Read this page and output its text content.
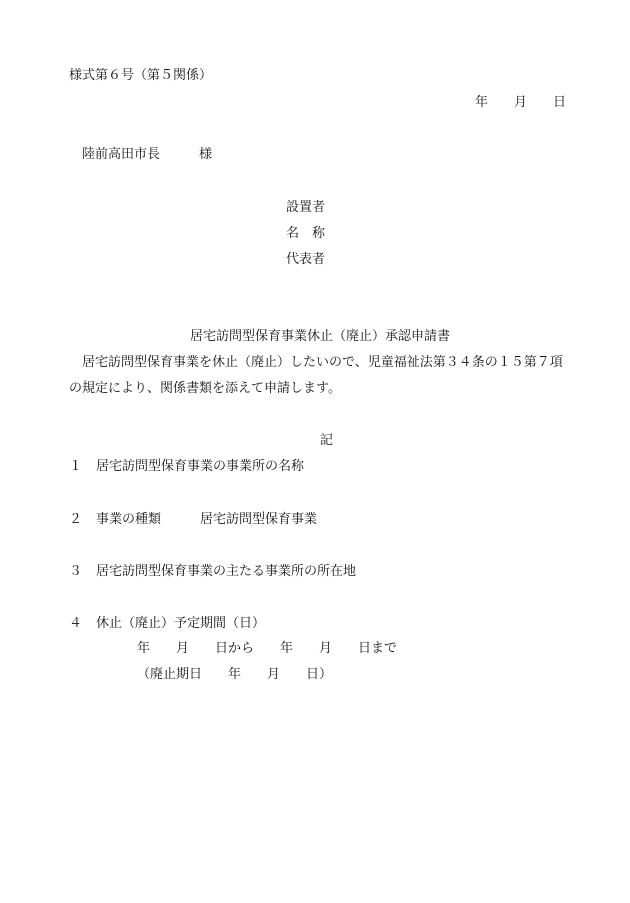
様式第６号（第５関係）
年　　月　　日
陸前高田市長　　　様
設置者
名　称
代表者
居宅訪問型保育事業休止（廃止）承認申請書
居宅訪問型保育事業を休止（廃止）したいので、児童福祉法第３４条の１５第７項
の規定により、関係書類を添えて申請します。
記
１ 居宅訪問型保育事業の事業所の名称
２ 事業の種類　　　居宅訪問型保育事業
３ 居宅訪問型保育事業の主たる事業所の所在地
４ 休止（廃止）予定期間（日）
年　　月　　日から　　年　　月　　日まで
（廃止期日　　年　　月　　日）
